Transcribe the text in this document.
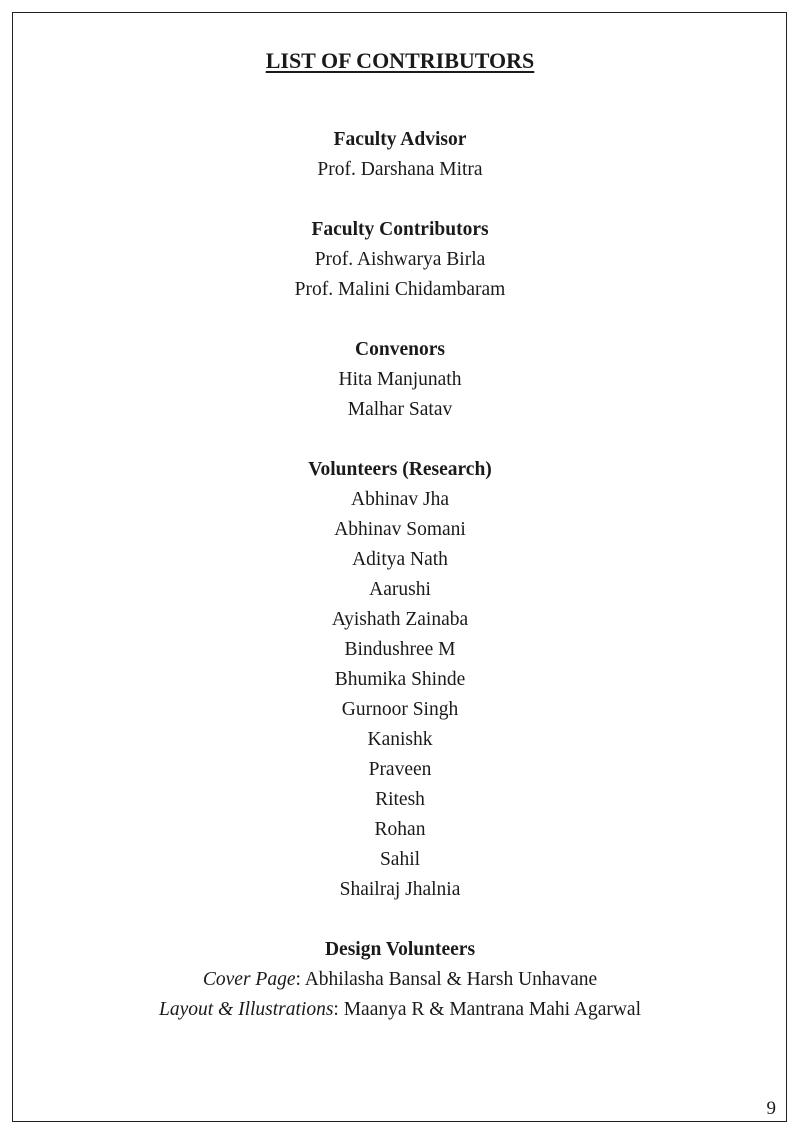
LIST OF CONTRIBUTORS
Faculty Advisor
Prof. Darshana Mitra
Faculty Contributors
Prof. Aishwarya Birla
Prof. Malini Chidambaram
Convenors
Hita Manjunath
Malhar Satav
Volunteers (Research)
Abhinav Jha
Abhinav Somani
Aditya Nath
Aarushi
Ayishath Zainaba
Bindushree M
Bhumika Shinde
Gurnoor Singh
Kanishk
Praveen
Ritesh
Rohan
Sahil
Shailraj Jhalnia
Design Volunteers
Cover Page: Abhilasha Bansal & Harsh Unhavane
Layout & Illustrations: Maanya R & Mantrana Mahi Agarwal
9
